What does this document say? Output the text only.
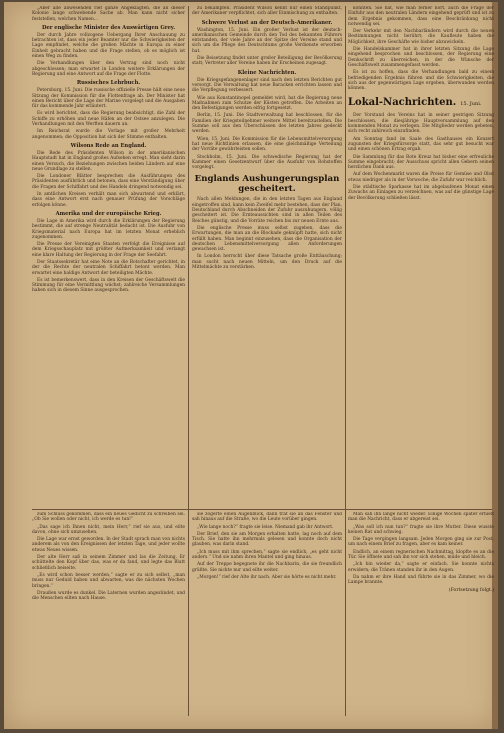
„Aber alle anwesenden rief ganze Angeklagten, die an dieser Kolonie lange schwebende Sache ab. Man kann nicht sicher feststellen, welchen Namen...

Der englische Minister des Auswärtigen Grey.

Der durch Jahre vollzogene Uebergang Ihrer Anschauung zu betrachten ist, dass ein jeder Beamter nur die Schwierigkeiten der Lage empfindet, welche die großen Mächte in Europa zu einer Einheit gebracht haben und die Frage stellen, ob es möglich ist einen Weg zu finden.

Die Verhandlungen über den Vertrag sind noch nicht abgeschlossen; man erwartet in London weitere Erklärungen der Regierung und eine Antwort auf die Frage der Flotte.

Russisches Lehrbuch.

Petersburg, 15. Juni. Die russische offizielle Presse hält eine neue Sitzung der Kommission für die Flottenfrage ab. Der Minister hat einen Bericht über die Lage der Marine vorgelegt und die Ausgaben für das kommende Jahr erläutert.

Es wird berichtet, dass die Regierung beabsichtigt, die Zahl der Schiffe zu erhöhen und neue Häfen an der Ostsee anzulegen. Die Verhandlungen mit den Werften dauern an.

Im Reichsrat wurde die Vorlage mit großer Mehrheit angenommen; die Opposition hat sich der Stimme enthalten.

Wilsons Rede an England.

Die Rede des Präsidenten Wilson in der amerikanischen Hauptstadt hat in England großes Aufsehen erregt. Man sieht darin einen Versuch, die Beziehungen zwischen beiden Ländern auf eine neue Grundlage zu stellen.

Die Londoner Blätter besprechen die Ausführungen des Präsidenten ausführlich und betonen, dass eine Verständigung über die Fragen der Schiffahrt und des Handels dringend notwendig sei.

In amtlichen Kreisen verhält man sich abwartend und erklärt, dass eine Antwort erst nach genauer Prüfung der Vorschläge erfolgen könne.

Amerika und der europäische Krieg.

Die Lage in Amerika wird durch die Erklärungen der Regierung bestimmt, die auf strenge Neutralität bedacht ist. Die Ausfuhr von Kriegsmaterial nach Europa hat im letzten Monat erheblich zugenommen.

Die Presse der Vereinigten Staaten verfolgt die Ereignisse auf dem Kriegsschauplatz mit größter Aufmerksamkeit und verlangt eine klare Haltung der Regierung in der Frage der Seefahrt.

Der Staatssekretär hat eine Note an die Botschafter gerichtet, in der die Rechte der neutralen Schiffahrt betont werden. Man erwartet eine baldige Antwort der beteiligten Mächte.

Es ist bemerkenswert, dass in den Kreisen der Geschäftswelt die Stimmung für eine Vermittlung wächst; zahlreiche Versammlungen haben sich in diesem Sinne ausgesprochen.

zu bekämpfen. Präsident Wilson kennt nur einen Standpunkt, der Amerikaner verpflichtet, sich aller Einmischung zu enthalten.

Schwere Verlust an der Deutsch-Amerikaner.

Washington, 15. Juni. Ein großer Verlust ist der deutsch-amerikanischen Gemeinde durch den Tod des bekannten Führers entstanden, der viele Jahre an der Spitze der Vereine stand und sich um die Pflege des Deutschtums große Verdienste erworben hat.

Die Beisetzung findet unter großer Beteiligung der Bevölkerung statt; Vertreter aller Vereine haben ihr Erscheinen zugesagt.

Kleine Nachrichten.

Die Kriegsgefangenenlager sind nach den letzten Berichten gut versorgt. Die Verwaltung hat neue Baracken errichten lassen und die Verpflegung verbessert.

Wie aus Konstantinopel gemeldet wird, hat die Regierung neue Maßnahmen zum Schutze der Küsten getroffen. Die Arbeiten an den Befestigungen werden eifrig fortgesetzt.

Berlin, 15. Juni. Die Stadtverwaltung hat beschlossen, für die Familien der Kriegsteilnehmer weitere Mittel bereitzustellen. Die Summe soll aus den Überschüssen des letzten Jahres gedeckt werden.

Wien, 15. Juni. Die Kommission für die Lebensmittelversorgung hat neue Richtlinien erlassen, die eine gleichmäßige Verteilung der Vorräte gewährleisten sollen.

Stockholm, 15. Juni. Die schwedische Regierung hat der Kammer einen Gesetzentwurf über die Ausfuhr von Rohstoffen vorgelegt.

Englands Aushungerungsplan gescheitert.

Nach allen Meldungen, die in den letzten Tagen aus England eingetroffen sind, kann kein Zweifel mehr bestehen, dass der Plan, Deutschland durch Abschneiden der Zufuhr auszuhungern, völlig gescheitert ist. Die Ernteaussichten sind in allen Teilen des Reiches günstig, und die Vorräte reichen bis zur neuen Ernte aus.

Die englische Presse muss selbst zugeben, dass die Erwartungen, die man an die Blockade geknüpft hatte, sich nicht erfüllt haben. Man beginnt einzusehen, dass die Organisation der deutschen Lebensmittelversorgung allen Anforderungen gewachsen ist.

In London herrscht über diese Tatsache große Enttäuschung; man sucht nach neuen Mitteln, um den Druck auf die Mittelmächte zu verstärken.

könnten. Sie hat, wie man ferner hört, auch die Frage der Einfuhr aus den neutralen Ländern eingehend geprüft und ist zu dem Ergebnis gekommen, dass eine Beschränkung nicht notwendig sei.

Der Verkehr mit den Nachbarländern wird durch die neuen Bestimmungen nicht berührt; die Kaufleute haben die Möglichkeit, ihre Geschäfte wie bisher abzuwickeln.

Die Handelskammer hat in ihrer letzten Sitzung die Lage eingehend besprochen und beschlossen, der Regierung eine Denkschrift zu überreichen, in der die Wünsche der Geschäftswelt zusammengefasst werden.

Es ist zu hoffen, dass die Verhandlungen bald zu einem befriedigenden Ergebnis führen und die Schwierigkeiten, die sich aus der gegenwärtigen Lage ergeben, überwunden werden können.

Lokal-Nachrichten. 15. Juni.

Der Vorstand des Vereins hat in seiner gestrigen Sitzung beschlossen, die diesjährige Hauptversammlung auf den kommenden Monat zu verlegen. Die Mitglieder werden gebeten, sich recht zahlreich einzufinden.

Am Sonntag fand im Saale des Gasthauses ein Konzert zugunsten der Kriegsfürsorge statt, das sehr gut besucht war und einen schönen Ertrag ergab.

Die Sammlung für das Rote Kreuz hat bisher eine erfreuliche Summe eingebracht; der Ausschuss spricht allen Gebern seinen herzlichen Dank aus.

Auf dem Wochenmarkt waren die Preise für Gemüse und Obst etwas niedriger als in der Vorwoche; die Zufuhr war reichlich.

Die städtische Sparkasse hat im abgelaufenen Monat einen Zuwachs an Einlagen zu verzeichnen, was auf die günstige Lage der Bevölkerung schließen lässt.

zum Schluss gekommen, dass ein neues Gedicht zu schreiben sei. „Ob Sie wollen oder nicht, ich werde es tun!“

„Das sage ich Ihnen nicht, mein Herr,“ rief sie aus, und eilte davon, ohne sich umzusehen.

Die Lage war ernst geworden. In der Stadt sprach man von nichts anderem als von den Ereignissen der letzten Tage, und jeder wollte etwas Neues wissen.

Der alte Herr saß in seinem Zimmer und las die Zeitung. Er schüttelte den Kopf über das, was er da fand, und legte das Blatt schließlich beiseite.

„Es wird schon besser werden,“ sagte er zu sich selbst, „man muss nur Geduld haben und abwarten, was die nächsten Wochen bringen.“

Draußen wurde es dunkel. Die Laternen wurden angezündet, und die Menschen eilten nach Hause.

sie zögerte einen Augenblick, dann trat sie an das Fenster und sah hinaus auf die Straße, wo die Leute vorüber gingen.

„Wie lange noch?“ fragte sie leise. Niemand gab ihr Antwort.

Der Brief, den sie am Morgen erhalten hatte, lag noch auf dem Tisch. Sie hatte ihn mehrmals gelesen und konnte doch nicht glauben, was darin stand.

„Ich muss mit ihm sprechen,“ sagte sie endlich, „es geht nicht anders.“ Und sie nahm ihren Mantel und ging hinaus.

Auf der Treppe begegnete ihr die Nachbarin, die sie freundlich grüßte. Sie nickte nur und eilte weiter.

„Morgen!“ rief der Alte ihr nach. Aber sie hörte es nicht mehr.

Man sah ihn lange nicht wieder. Einige Wochen später erhielt man die Nachricht, dass er abgereist sei.

„Was soll ich nun tun?“ fragte sie ihre Mutter. Diese wusste keinen Rat und schwieg.

Die Tage vergingen langsam. Jeden Morgen ging sie zur Post, um nach einem Brief zu fragen, aber es kam keiner.

Endlich, an einem regnerischen Nachmittag, klopfte es an die Tür. Sie öffnete und sah ihn vor sich stehen, müde und bleich.

„Ich bin wieder da,“ sagte er einfach. Sie konnte nichts erwidern; die Tränen standen ihr in den Augen.

Da nahm er ihre Hand und führte sie in das Zimmer, wo die Lampe brannte.

(Fortsetzung folgt.)
